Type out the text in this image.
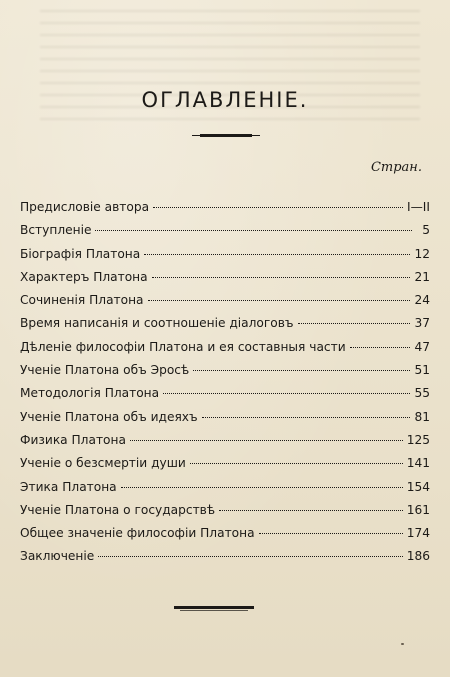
ОГЛАВЛЕНІЕ.
Стран.
Предисловіе автора	I—II
Вступленіе	5
Біографія Платона	12
Характеръ Платона	21
Сочиненія Платона	24
Время написанія и соотношеніе діалоговъ	37
Дѣленіе философіи Платона и ея составныя части	47
Ученіе Платона объ Эросѣ	51
Методологія Платона	55
Ученіе Платона объ идеяхъ	81
Физика Платона	125
Ученіе о безсмертіи души	141
Этика Платона	154
Ученіе Платона о государствѣ	161
Общее значеніе философіи Платона	174
Заключеніе	186
